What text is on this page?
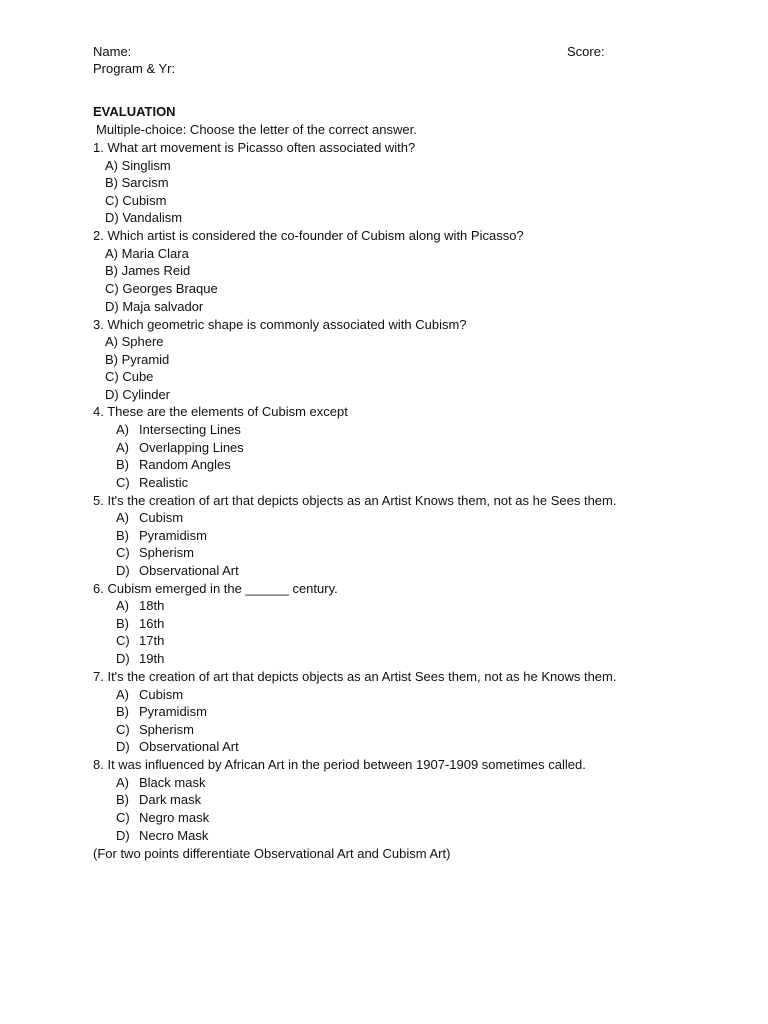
Name:	Score:
Program & Yr:
EVALUATION
Multiple-choice: Choose the letter of the correct answer.
1. What art movement is Picasso often associated with?
A) Singlism
B) Sarcism
C) Cubism
D) Vandalism
2. Which artist is considered the co-founder of Cubism along with Picasso?
A) Maria Clara
B) James Reid
C) Georges Braque
D) Maja salvador
3. Which geometric shape is commonly associated with Cubism?
A) Sphere
B) Pyramid
C) Cube
D) Cylinder
4. These are the elements of Cubism except
A) Intersecting Lines
A) Overlapping Lines
B) Random Angles
C) Realistic
5. It's the creation of art that depicts objects as an Artist Knows them, not as he Sees them.
A) Cubism
B) Pyramidism
C) Spherism
D) Observational Art
6. Cubism emerged in the ______ century.
A) 18th
B) 16th
C) 17th
D) 19th
7. It's the creation of art that depicts objects as an Artist Sees them, not as he Knows them.
A) Cubism
B) Pyramidism
C) Spherism
D) Observational Art
8. It was influenced by African Art in the period between 1907-1909 sometimes called.
A) Black mask
B) Dark mask
C) Negro mask
D) Necro Mask
(For two points differentiate Observational Art and Cubism Art)
